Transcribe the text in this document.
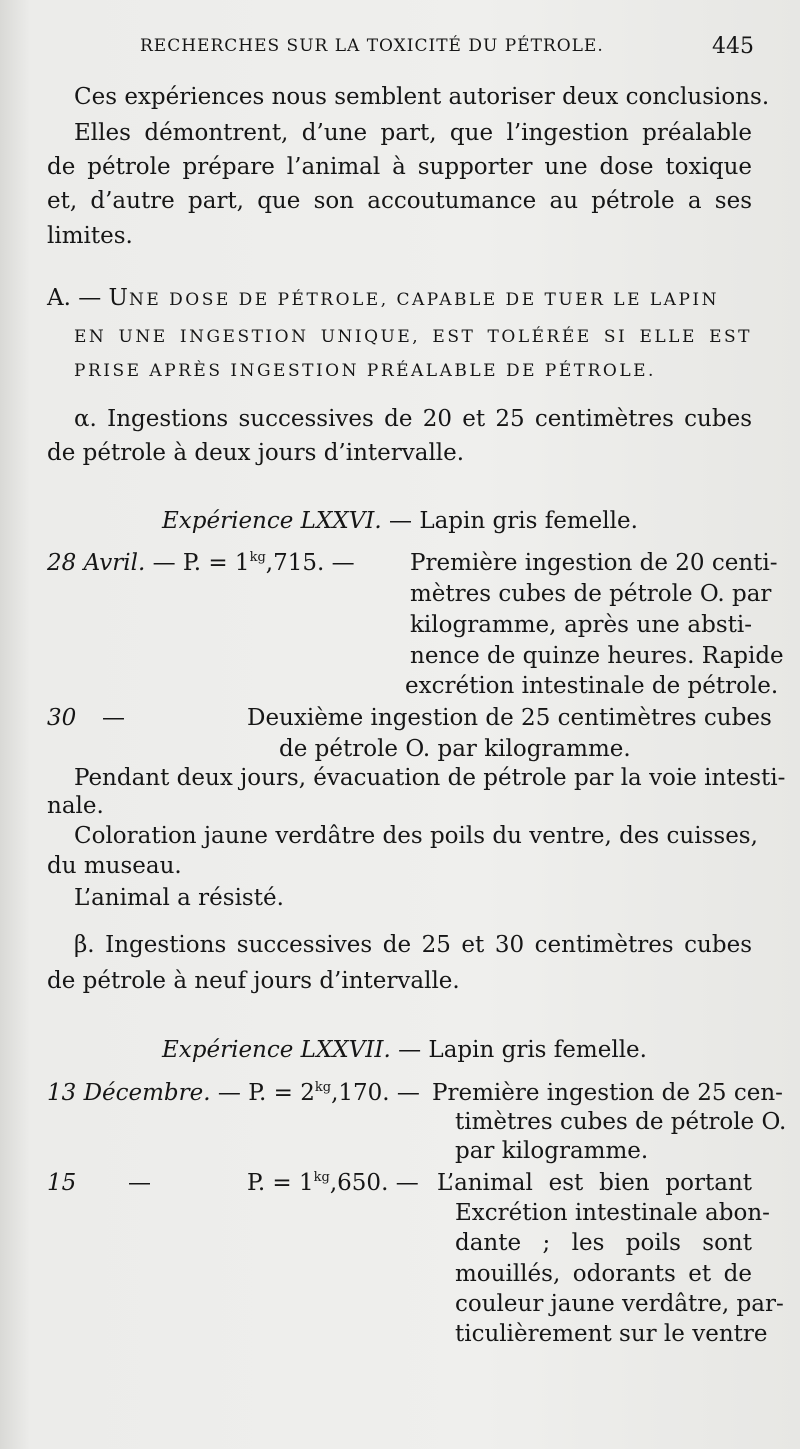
RECHERCHES SUR LA TOXICITÉ DU PÉTROLE.	445
Ces expériences nous semblent autoriser deux conclusions.
Elles démontrent, d’une part, que l’ingestion préalable
de pétrole prépare l’animal à supporter une dose toxique
et, d’autre part, que son accoutumance au pétrole a ses
limites.
A. — UNE DOSE DE PÉTROLE, CAPABLE DE TUER LE LAPIN
EN UNE INGESTION UNIQUE, EST TOLÉRÉE SI ELLE EST
PRISE APRÈS INGESTION PRÉALABLE DE PÉTROLE.
α. Ingestions successives de 20 et 25 centimètres cubes
de pétrole à deux jours d’intervalle.
Expérience LXXVI. — Lapin gris femelle.
28 Avril. — P. = $1^{kg},715$. — Première ingestion de 20 centi-
mètres cubes de pétrole O. par
kilogramme, après une absti-
nence de quinze heures. Rapide
excrétion intestinale de pétrole.
30 —	Deuxième ingestion de 25 centimètres cubes
de pétrole O. par kilogramme.
Pendant deux jours, évacuation de pétrole par la voie intesti-
nale.
Coloration jaune verdâtre des poils du ventre, des cuisses,
du museau.
L’animal a résisté.
β. Ingestions successives de 25 et 30 centimètres cubes
de pétrole à neuf jours d’intervalle.
Expérience LXXVII. — Lapin gris femelle.
13 Décembre. — P. = $2^{kg},170$. — Première ingestion de 25 cen-
timètres cubes de pétrole O.
par kilogramme.
15 —	P. = $1^{kg},650$. — L’animal est bien portant
Excrétion intestinale abon-
dante ; les poils sont
mouillés, odorants et de
couleur jaune verdâtre, par-
ticulièrement sur le ventre
